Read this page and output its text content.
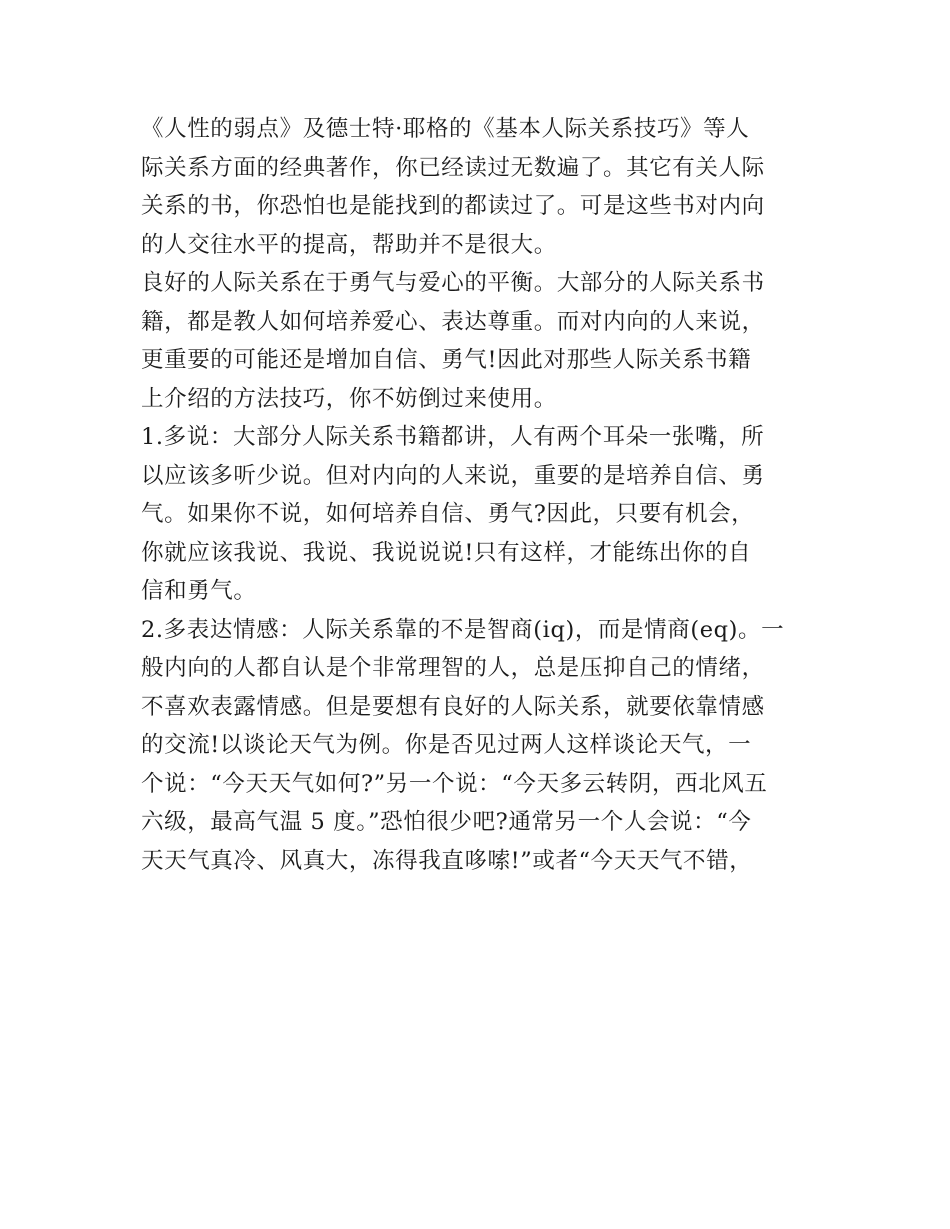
《人性的弱点》及德士特·耶格的《基本人际关系技巧》等人
际关系方面的经典著作，你已经读过无数遍了。其它有关人际
关系的书，你恐怕也是能找到的都读过了。可是这些书对内向
的人交往水平的提高，帮助并不是很大。
良好的人际关系在于勇气与爱心的平衡。大部分的人际关系书
籍，都是教人如何培养爱心、表达尊重。而对内向的人来说，
更重要的可能还是增加自信、勇气!因此对那些人际关系书籍
上介绍的方法技巧，你不妨倒过来使用。
1.多说：大部分人际关系书籍都讲，人有两个耳朵一张嘴，所
以应该多听少说。但对内向的人来说，重要的是培养自信、勇
气。如果你不说，如何培养自信、勇气?因此，只要有机会，
你就应该我说、我说、我说说说!只有这样，才能练出你的自
信和勇气。
2.多表达情感：人际关系靠的不是智商(iq)，而是情商(eq)。一
般内向的人都自认是个非常理智的人，总是压抑自己的情绪，
不喜欢表露情感。但是要想有良好的人际关系，就要依靠情感
的交流!以谈论天气为例。你是否见过两人这样谈论天气，一
个说：“今天天气如何?”另一个说：“今天多云转阴，西北风五
六级，最高气温 5 度。”恐怕很少吧?通常另一个人会说：“今
天天气真冷、风真大，冻得我直哆嗦!”或者“今天天气不错，
